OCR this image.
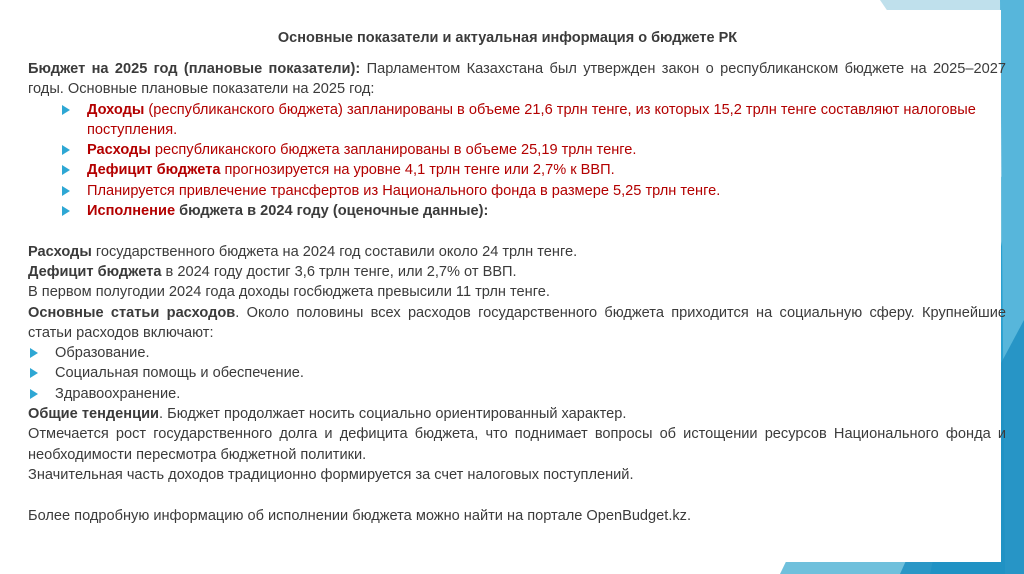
Основные показатели и актуальная информация о бюджете РК

Бюджет на 2025 год (плановые показатели): Парламентом Казахстана был утвержден закон о республиканском бюджете на 2025–2027 годы. Основные плановые показатели на 2025 год:

Доходы (республиканского бюджета) запланированы в объеме 21,6 трлн тенге, из которых 15,2 трлн тенге составляют налоговые поступления.

Расходы республиканского бюджета запланированы в объеме 25,19 трлн тенге.

Дефицит бюджета прогнозируется на уровне 4,1 трлн тенге или 2,7% к ВВП.

Планируется привлечение трансфертов из Национального фонда в размере 5,25 трлн тенге.

Исполнение бюджета в 2024 году (оценочные данные):

Расходы государственного бюджета на 2024 год составили около 24 трлн тенге.

Дефицит бюджета в 2024 году достиг 3,6 трлн тенге, или 2,7% от ВВП.

В первом полугодии 2024 года доходы госбюджета превысили 11 трлн тенге.

Основные статьи расходов. Около половины всех расходов государственного бюджета приходится на социальную сферу. Крупнейшие статьи расходов включают:

Образование.

Социальная помощь и обеспечение.

Здравоохранение.

Общие тенденции. Бюджет продолжает носить социально ориентированный характер.

Отмечается рост государственного долга и дефицита бюджета, что поднимает вопросы об истощении ресурсов Национального фонда и необходимости пересмотра бюджетной политики.

Значительная часть доходов традиционно формируется за счет налоговых поступлений.

Более подробную информацию об исполнении бюджета можно найти на портале OpenBudget.kz.
